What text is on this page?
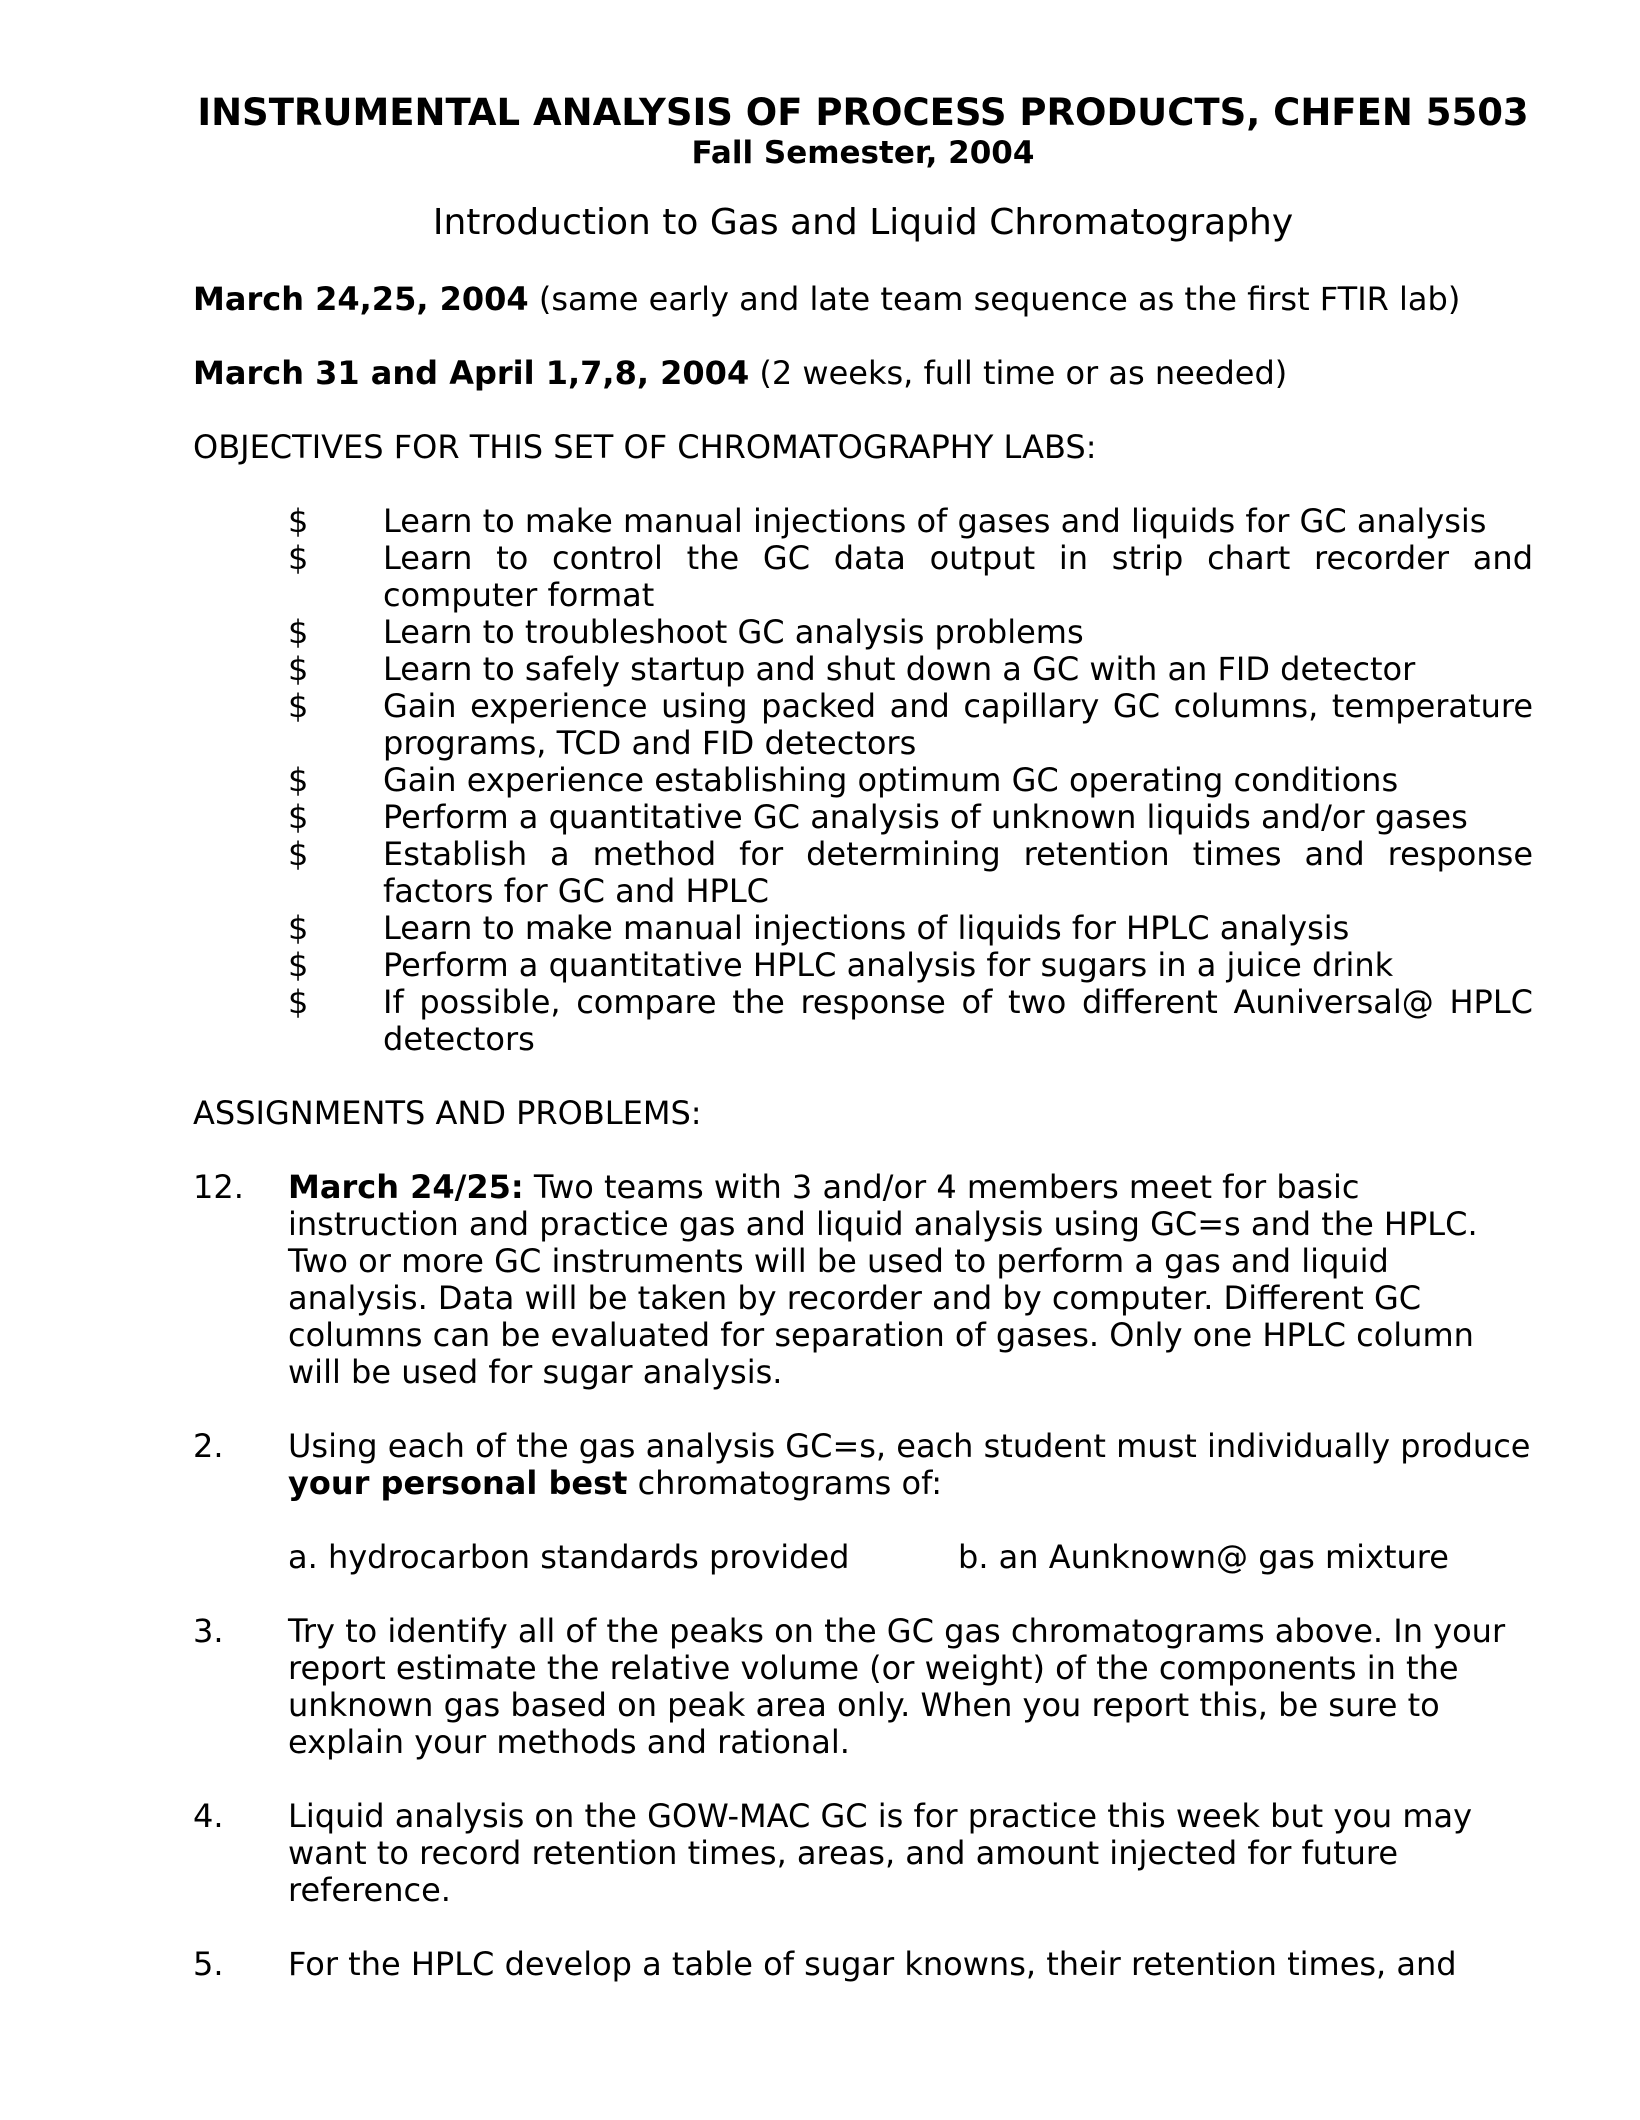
INSTRUMENTAL ANALYSIS OF PROCESS PRODUCTS, CHFEN 5503
Fall Semester, 2004
Introduction to Gas and Liquid Chromatography

March 24,25, 2004 (same early and late team sequence as the first FTIR lab)

March 31 and April 1,7,8, 2004 (2 weeks, full time or as needed)

OBJECTIVES FOR THIS SET OF CHROMATOGRAPHY LABS:
$ Learn to make manual injections of gases and liquids for GC analysis
$ Learn to control the GC data output in strip chart recorder and computer format
$ Learn to troubleshoot GC analysis problems
$ Learn to safely startup and shut down a GC with an FID detector
$ Gain experience using packed and capillary GC columns, temperature programs, TCD and FID detectors
$ Gain experience establishing optimum GC operating conditions
$ Perform a quantitative GC analysis of unknown liquids and/or gases
$ Establish a method for determining retention times and response factors for GC and HPLC
$ Learn to make manual injections of liquids for HPLC analysis
$ Perform a quantitative HPLC analysis for sugars in a juice drink
$ If possible, compare the response of two different Auniversal@ HPLC detectors
ASSIGNMENTS AND PROBLEMS:
12. March 24/25: Two teams with 3 and/or 4 members meet for basic instruction and practice gas and liquid analysis using GC=s and the HPLC. Two or more GC instruments will be used to perform a gas and liquid analysis. Data will be taken by recorder and by computer. Different GC columns can be evaluated for separation of gases. Only one HPLC column will be used for sugar analysis.
2. Using each of the gas analysis GC=s, each student must individually produce your personal best chromatograms of:
a. hydrocarbon standards provided	b. an Aunknown@ gas mixture
3. Try to identify all of the peaks on the GC gas chromatograms above. In your report estimate the relative volume (or weight) of the components in the unknown gas based on peak area only. When you report this, be sure to explain your methods and rational.
4. Liquid analysis on the GOW-MAC GC is for practice this week but you may want to record retention times, areas, and amount injected for future reference.
5. For the HPLC develop a table of sugar knowns, their retention times, and
